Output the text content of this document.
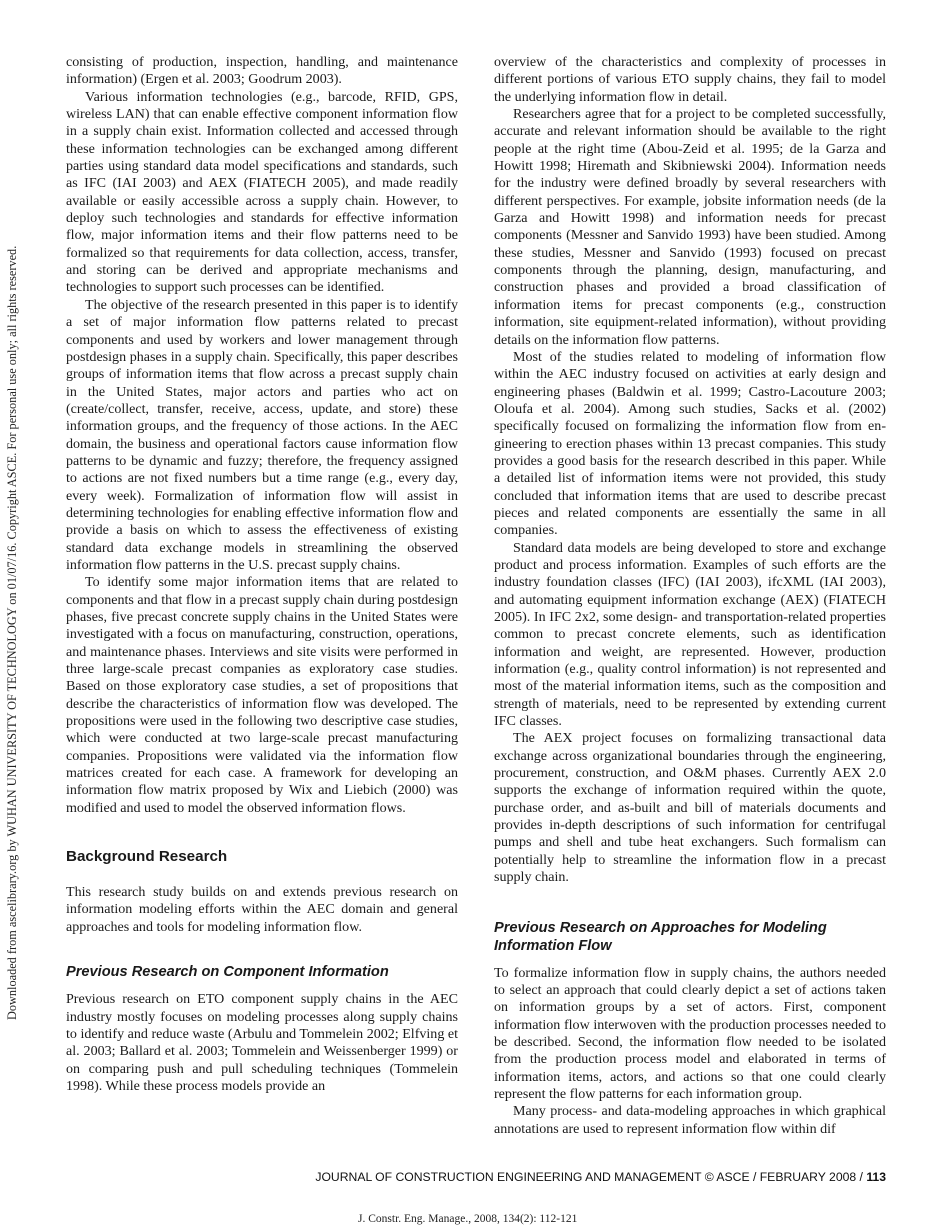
Downloaded from ascelibrary.org by WUHAN UNIVERSITY OF TECHNOLOGY on 01/07/16. Copyright ASCE. For personal use only; all rights reserved.

consisting of production, inspection, handling, and maintenance information) (Ergen et al. 2003; Goodrum 2003).

Various information technologies (e.g., barcode, RFID, GPS, wireless LAN) that can enable effective component information flow in a supply chain exist. Information collected and accessed through these information technologies can be exchanged among different parties using standard data model specifications and standards, such as IFC (IAI 2003) and AEX (FIATECH 2005), and made readily available or easily accessible across a supply chain. However, to deploy such technologies and standards for effective information flow, major information items and their flow patterns need to be formalized so that requirements for data collection, access, transfer, and storing can be derived and appropriate mechanisms and technologies to support such processes can be identified.

The objective of the research presented in this paper is to identify a set of major information flow patterns related to precast components and used by workers and lower management through postdesign phases in a supply chain. Specifically, this paper describes groups of information items that flow across a precast supply chain in the United States, major actors and parties who act on (create/collect, transfer, receive, access, update, and store) these information groups, and the frequency of those actions. In the AEC domain, the business and operational factors cause information flow patterns to be dynamic and fuzzy; therefore, the frequency assigned to actions are not fixed numbers but a time range (e.g., every day, every week). Formalization of information flow will assist in determining technologies for enabling effective information flow and provide a basis on which to assess the effectiveness of existing standard data exchange models in streamlining the observed information flow patterns in the U.S. precast supply chains.

To identify some major information items that are related to components and that flow in a precast supply chain during postdesign phases, five precast concrete supply chains in the United States were investigated with a focus on manufacturing, construction, operations, and maintenance phases. Interviews and site visits were performed in three large-scale precast companies as exploratory case studies. Based on those exploratory case studies, a set of propositions that describe the characteristics of information flow was developed. The propositions were used in the following two descriptive case studies, which were conducted at two large-scale precast manufacturing companies. Propositions were validated via the information flow matrices created for each case. A framework for developing an information flow matrix proposed by Wix and Liebich (2000) was modified and used to model the observed information flows.

Background Research

This research study builds on and extends previous research on information modeling efforts within the AEC domain and general approaches and tools for modeling information flow.

Previous Research on Component Information

Previous research on ETO component supply chains in the AEC industry mostly focuses on modeling processes along supply chains to identify and reduce waste (Arbulu and Tommelein 2002; Elfving et al. 2003; Ballard et al. 2003; Tommelein and Weissenberger 1999) or on comparing push and pull scheduling techniques (Tommelein 1998). While these process models provide an

overview of the characteristics and complexity of processes in different portions of various ETO supply chains, they fail to model the underlying information flow in detail.

Researchers agree that for a project to be completed successfully, accurate and relevant information should be available to the right people at the right time (Abou-Zeid et al. 1995; de la Garza and Howitt 1998; Hiremath and Skibniewski 2004). Information needs for the industry were defined broadly by several researchers with different perspectives. For example, jobsite information needs (de la Garza and Howitt 1998) and information needs for precast components (Messner and Sanvido 1993) have been studied. Among these studies, Messner and Sanvido (1993) focused on precast components through the planning, design, manufacturing, and construction phases and provided a broad classification of information items for precast components (e.g., construction information, site equipment-related information), without providing details on the information flow patterns.

Most of the studies related to modeling of information flow within the AEC industry focused on activities at early design and engineering phases (Baldwin et al. 1999; Castro-Lacouture 2003; Oloufa et al. 2004). Among such studies, Sacks et al. (2002) specifically focused on formalizing the information flow from engineering to erection phases within 13 precast companies. This study provides a good basis for the research described in this paper. While a detailed list of information items were not provided, this study concluded that information items that are used to describe precast pieces and related components are essentially the same in all companies.

Standard data models are being developed to store and exchange product and process information. Examples of such efforts are the industry foundation classes (IFC) (IAI 2003), ifcXML (IAI 2003), and automating equipment information exchange (AEX) (FIATECH 2005). In IFC 2x2, some design- and transportation-related properties common to precast concrete elements, such as identification information and weight, are represented. However, production information (e.g., quality control information) is not represented and most of the material information items, such as the composition and strength of materials, need to be represented by extending current IFC classes.

The AEX project focuses on formalizing transactional data exchange across organizational boundaries through the engineering, procurement, construction, and O&M phases. Currently AEX 2.0 supports the exchange of information required within the quote, purchase order, and as-built and bill of materials documents and provides in-depth descriptions of such information for centrifugal pumps and shell and tube heat exchangers. Such formalism can potentially help to streamline the information flow in a precast supply chain.

Previous Research on Approaches for Modeling Information Flow

To formalize information flow in supply chains, the authors needed to select an approach that could clearly depict a set of actions taken on information groups by a set of actors. First, component information flow interwoven with the production processes needed to be described. Second, the information flow needed to be isolated from the production process model and elaborated in terms of information items, actors, and actions so that one could clearly represent the flow patterns for each information group.

Many process- and data-modeling approaches in which graphical annotations are used to represent information flow within dif

JOURNAL OF CONSTRUCTION ENGINEERING AND MANAGEMENT © ASCE / FEBRUARY 2008 / 113
J. Constr. Eng. Manage., 2008, 134(2): 112-121
